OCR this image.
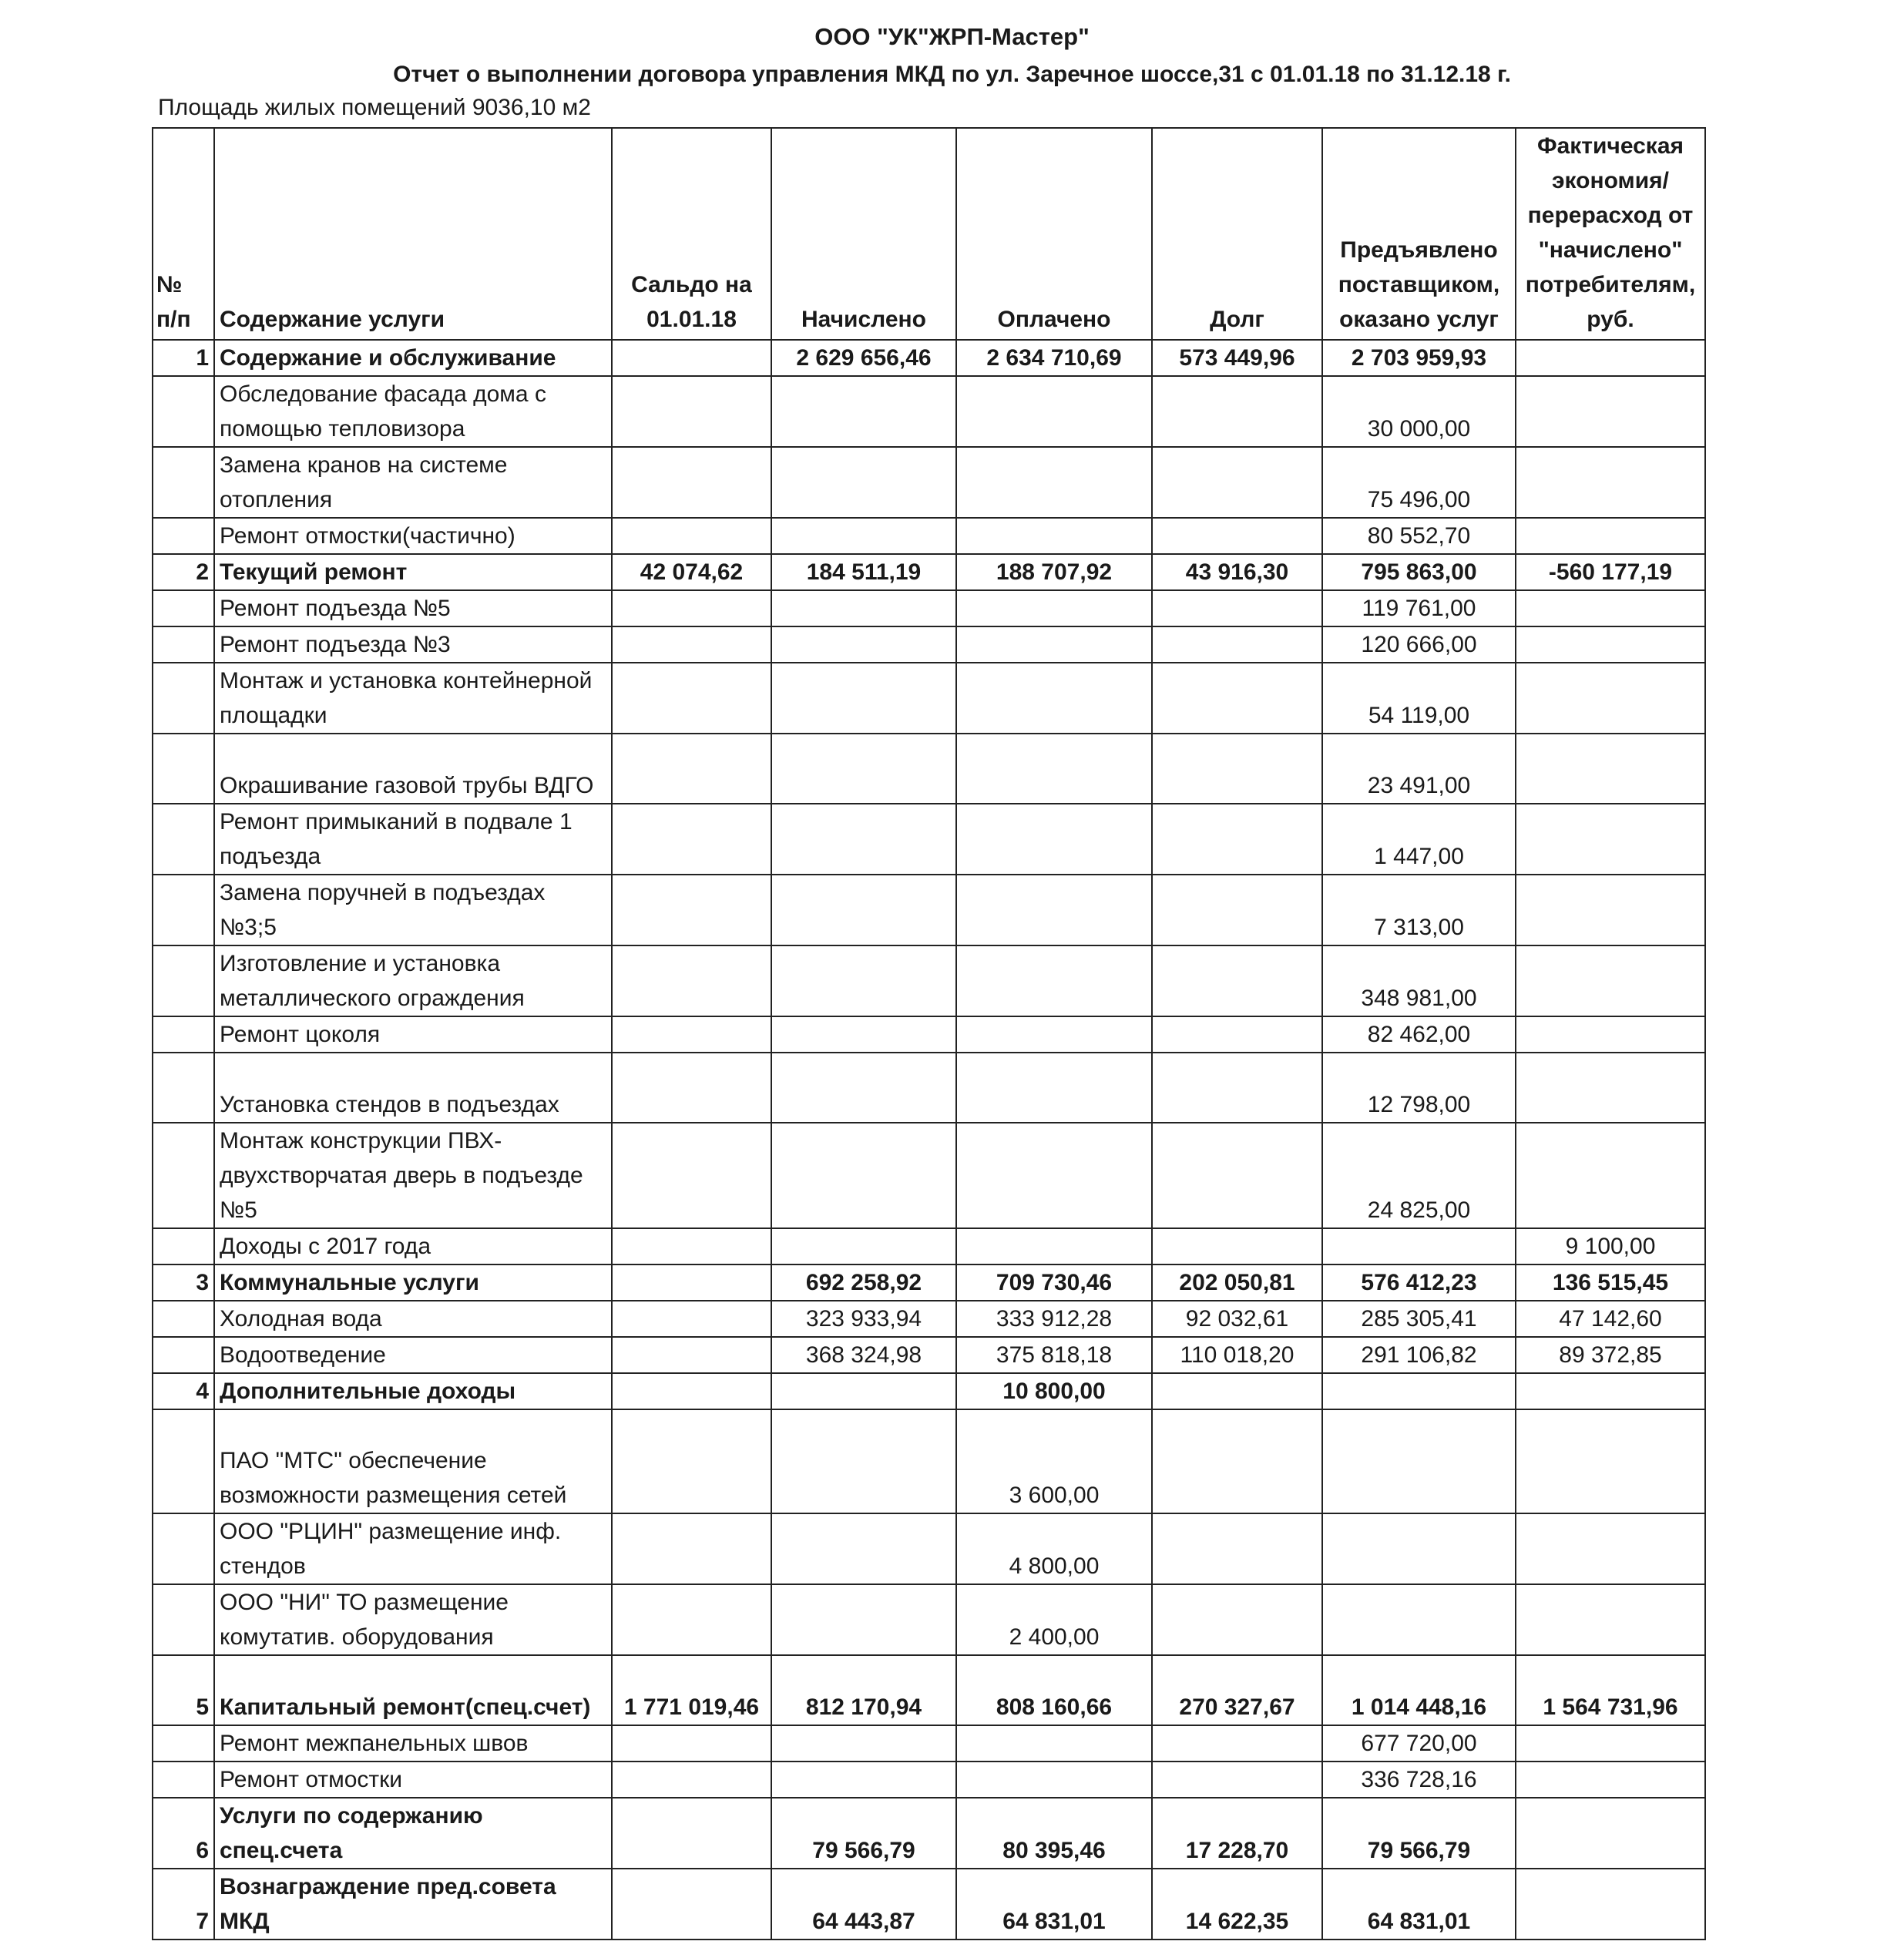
ООО "УК"ЖРП-Мастер"
Отчет о выполнении договора управления МКД по ул. Заречное шоссе,31 с 01.01.18 по 31.12.18 г.
Площадь жилых помещений 9036,10 м2
№ п/п	Содержание услуги	Сальдо на 01.01.18	Начислено	Оплачено	Долг	Предъявлено поставщиком, оказано услуг	Фактическая экономия/перерасход от "начислено" потребителям, руб.
1	Содержание и обслуживание		2 629 656,46	2 634 710,69	573 449,96	2 703 959,93	
	Обследование фасада дома с помощью тепловизора					30 000,00	
	Замена кранов на системе отопления					75 496,00	
	Ремонт отмостки(частично)					80 552,70	
2	Текущий ремонт	42 074,62	184 511,19	188 707,92	43 916,30	795 863,00	-560 177,19
	Ремонт подъезда №5					119 761,00	
	Ремонт подъезда №3					120 666,00	
	Монтаж и установка контейнерной площадки					54 119,00	
	Окрашивание газовой трубы ВДГО					23 491,00	
	Ремонт примыканий в подвале 1 подъезда					1 447,00	
	Замена поручней в подъездах №3;5					7 313,00	
	Изготовление и установка металлического ограждения					348 981,00	
	Ремонт цоколя					82 462,00	
	Установка стендов в подъездах					12 798,00	
	Монтаж конструкции ПВХ-двухстворчатая дверь в подъезде №5					24 825,00	
	Доходы с 2017 года						9 100,00
3	Коммунальные услуги		692 258,92	709 730,46	202 050,81	576 412,23	136 515,45
	Холодная вода		323 933,94	333 912,28	92 032,61	285 305,41	47 142,60
	Водоотведение		368 324,98	375 818,18	110 018,20	291 106,82	89 372,85
4	Дополнительные доходы			10 800,00			
	ПАО "МТС" обеспечение возможности размещения сетей			3 600,00			
	ООО "РЦИН" размещение инф. стендов			4 800,00			
	ООО "НИ" ТО размещение комутатив. оборудования			2 400,00			
5	Капитальный ремонт(спец.счет)	1 771 019,46	812 170,94	808 160,66	270 327,67	1 014 448,16	1 564 731,96
	Ремонт межпанельных швов					677 720,00	
	Ремонт отмостки					336 728,16	
6	Услуги по содержанию спец.счета		79 566,79	80 395,46	17 228,70	79 566,79	
7	Вознаграждение пред.совета МКД		64 443,87	64 831,01	14 622,35	64 831,01	
